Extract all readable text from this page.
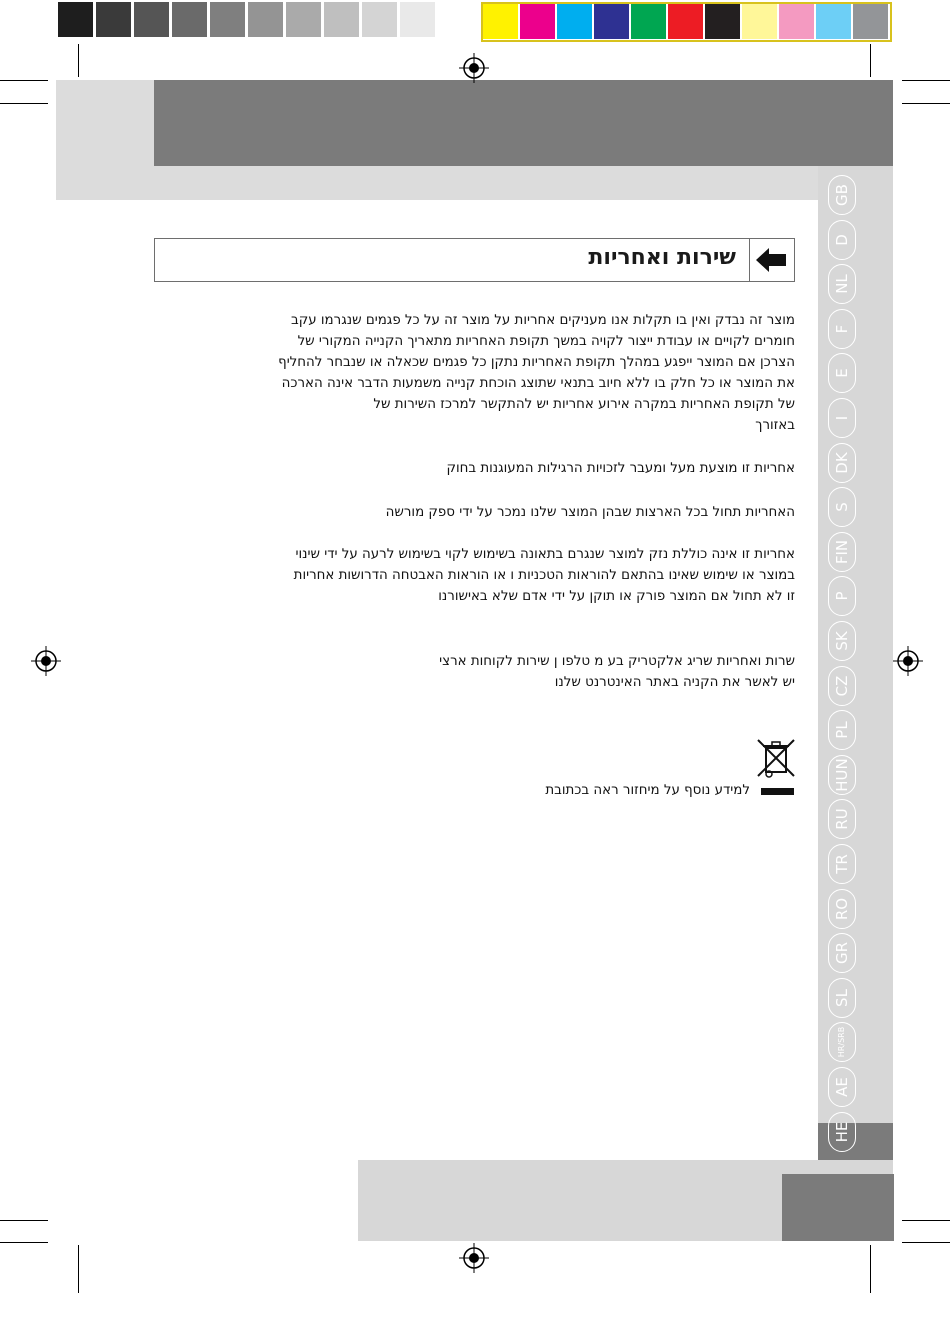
GB
D
NL
F
E
I
DK
S
FIN
P
SK
CZ
PL
HUN
RU
TR
RO
GR
SL
HR/SRB
AE
HE
שירות ואחריות
מוצר זה נבדק ואין בו תקלות אנו מעניקים אחריות על מוצר זה על כל פגמים שנגרמו עקב
חומרים לקויים או עבודת ייצור לקויה במשך תקופת האחריות מתאריך הקנייה המקורי של
הצרכן אם המוצר ייפגע במהלך תקופת האחריות נתקן כל פגמים שכאלה או שנבחר להחליף
את המוצר או כל חלק בו ללא חיוב בתנאי שתוצג הוכחת קנייה משמעות הדבר אינה הארכה
של תקופת האחריות במקרה אירוע אחריות יש להתקשר למרכז השירות של
באזורך
אחריות זו מוצעת מעל ומעבר לזכויות הרגילות המעוגנות בחוק
האחריות תחול בכל הארצות שבהן המוצר שלנו נמכר על ידי ספק מורשה
אחריות זו אינה כוללת נזק למוצר שנגרם בתאונה בשימוש לקוי בשימוש לרעה על ידי שינוי
במוצר או שימוש שאינו בהתאם להוראות הטכניות ו או הוראות האבטחה הדרושות אחריות
זו לא תחול אם המוצר פורק או תוקן על ידי אדם שלא באישורנו
שרות ואחריות שריג אלקטריק בע מ טלפו ן שירות לקוחות ארצי
יש לאשר את הקניה באתר האינטרנט שלנו
למידע נוסף על מיחזור ראה בכתובת
